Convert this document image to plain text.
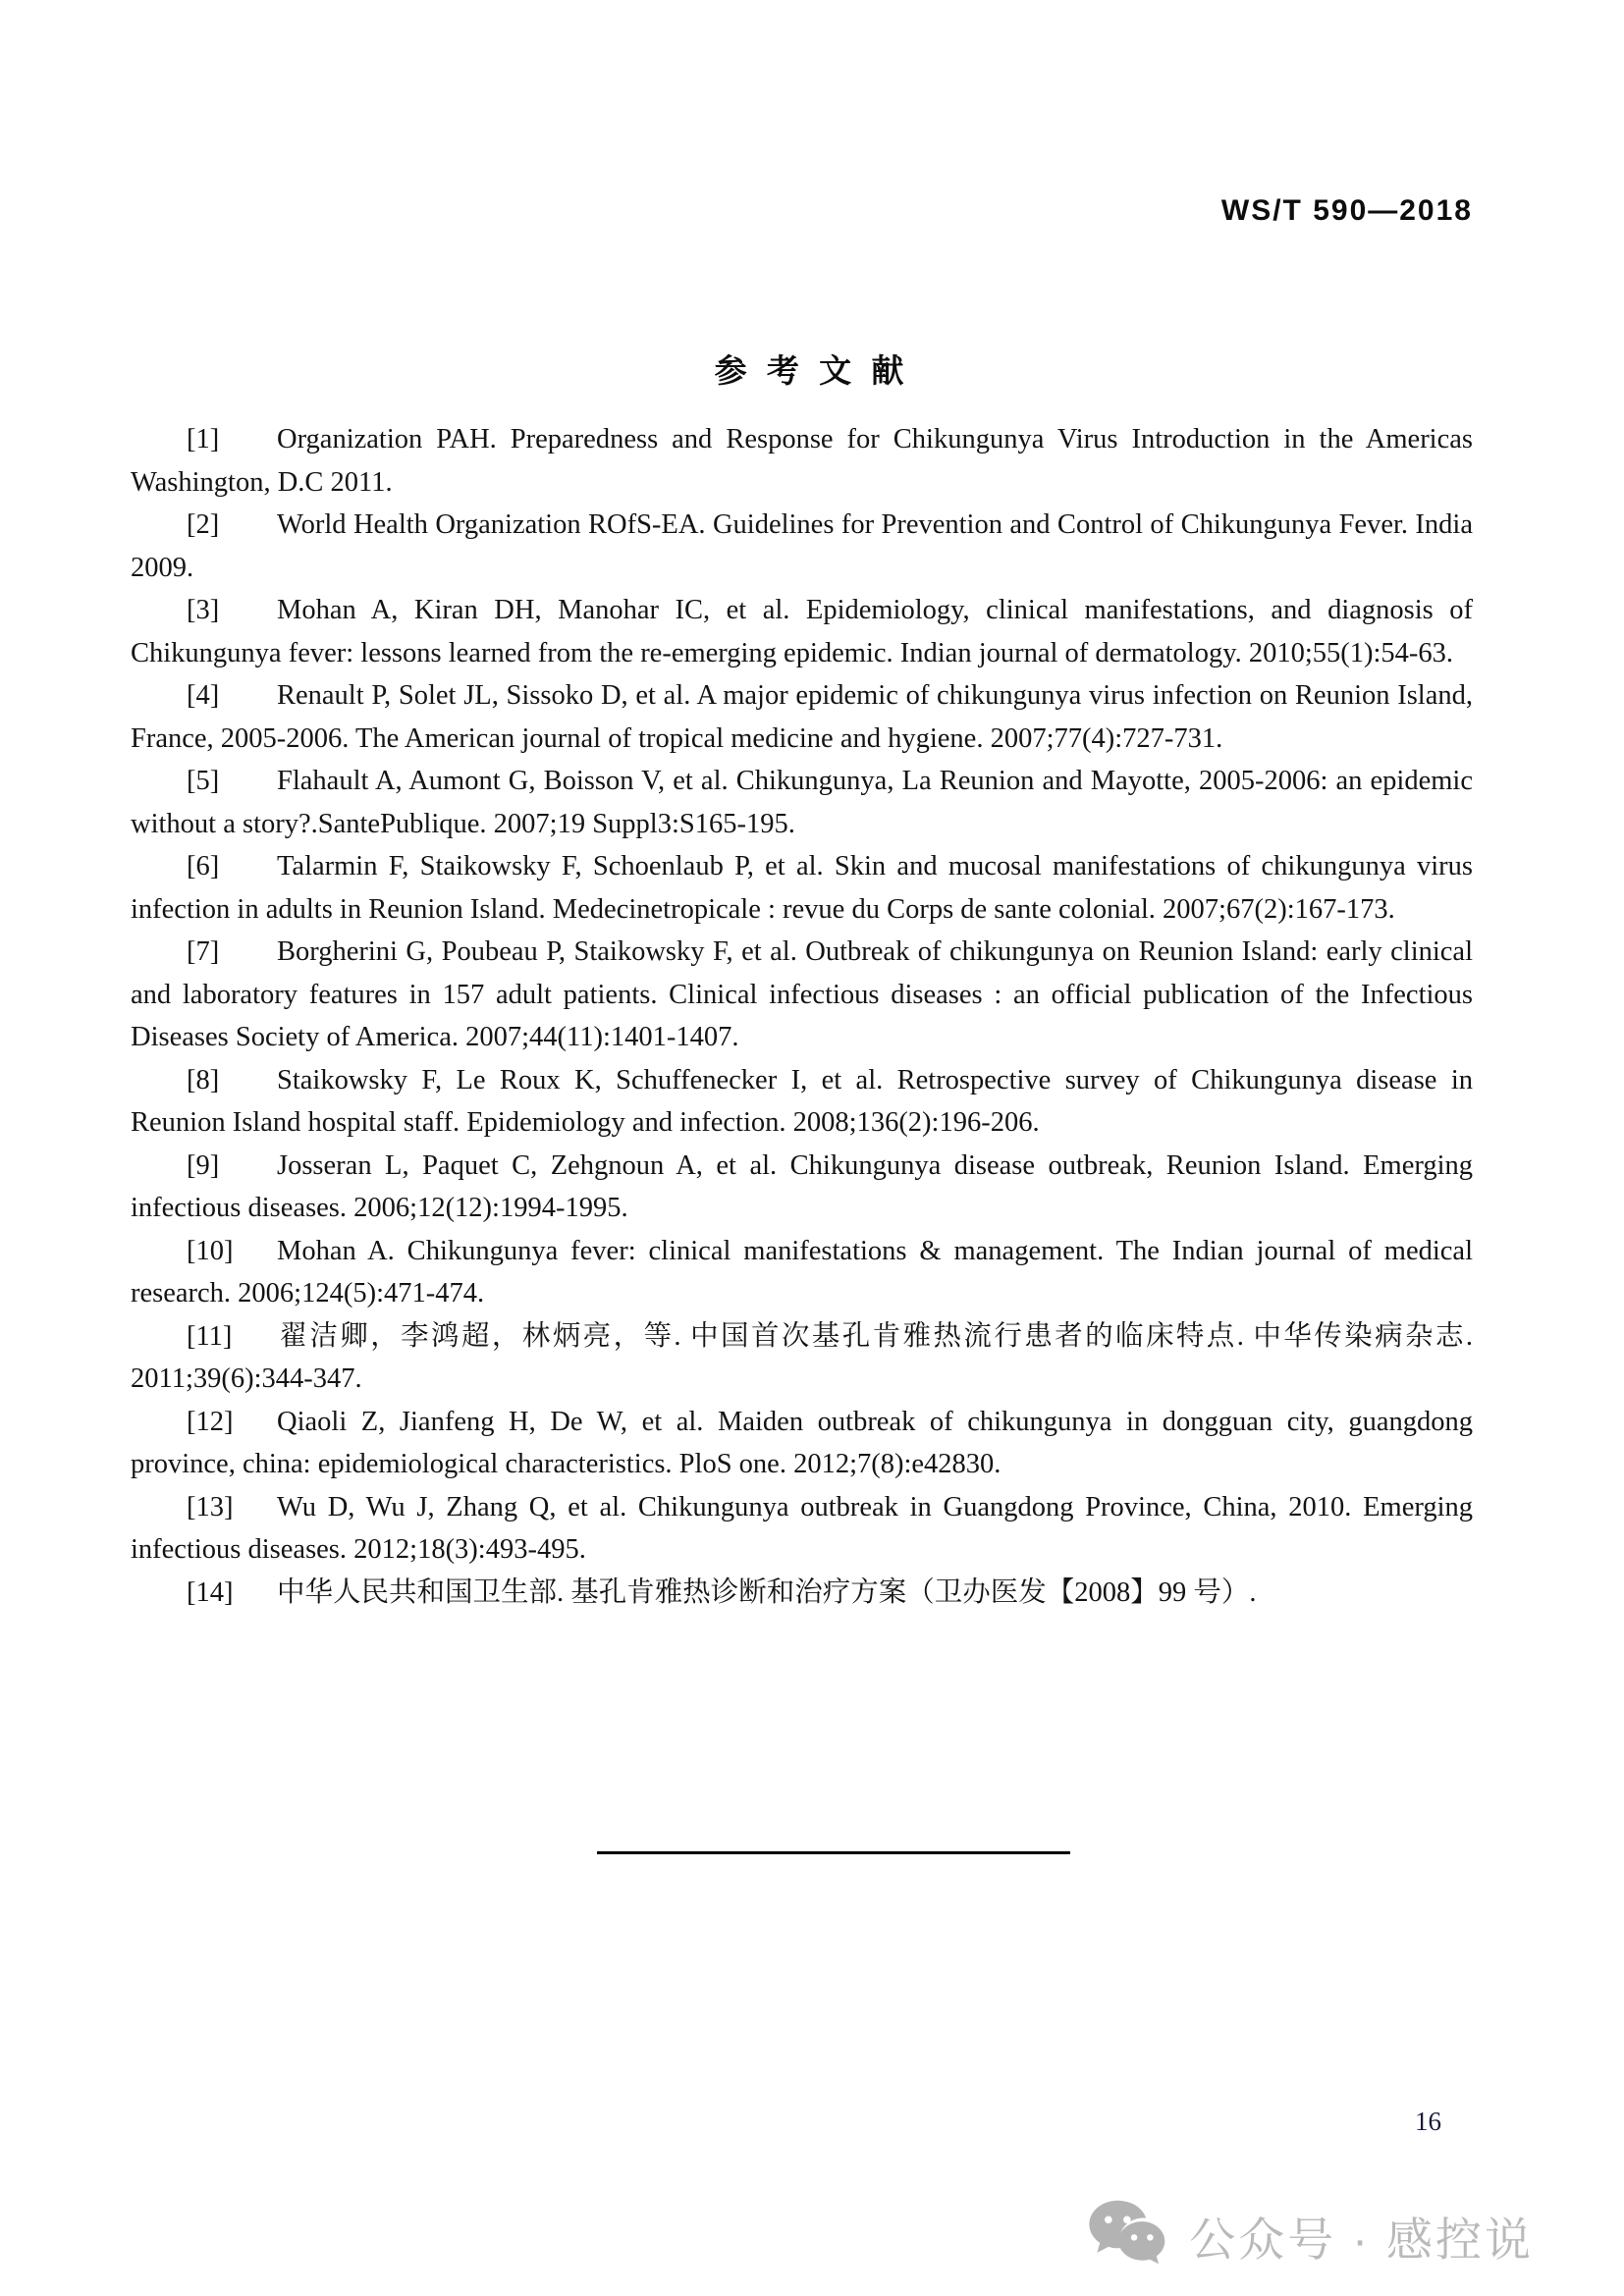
WS/T 590—2018
参 考 文 献

[1] Organization PAH. Preparedness and Response for Chikungunya Virus Introduction in the Americas Washington, D.C 2011.

[2] World Health Organization ROfS-EA. Guidelines for Prevention and Control of Chikungunya Fever. India 2009.

[3] Mohan A, Kiran DH, Manohar IC, et al. Epidemiology, clinical manifestations, and diagnosis of Chikungunya fever: lessons learned from the re-emerging epidemic. Indian journal of dermatology. 2010;55(1):54-63.

[4] Renault P, Solet JL, Sissoko D, et al. A major epidemic of chikungunya virus infection on Reunion Island, France, 2005-2006. The American journal of tropical medicine and hygiene. 2007;77(4):727-731.

[5] Flahault A, Aumont G, Boisson V, et al. Chikungunya, La Reunion and Mayotte, 2005-2006: an epidemic without a story?.SantePublique. 2007;19 Suppl3:S165-195.

[6] Talarmin F, Staikowsky F, Schoenlaub P, et al. Skin and mucosal manifestations of chikungunya virus infection in adults in Reunion Island. Medecinetropicale : revue du Corps de sante colonial. 2007;67(2):167-173.

[7] Borgherini G, Poubeau P, Staikowsky F, et al. Outbreak of chikungunya on Reunion Island: early clinical and laboratory features in 157 adult patients. Clinical infectious diseases : an official publication of the Infectious Diseases Society of America. 2007;44(11):1401-1407.

[8] Staikowsky F, Le Roux K, Schuffenecker I, et al. Retrospective survey of Chikungunya disease in Reunion Island hospital staff. Epidemiology and infection. 2008;136(2):196-206.

[9] Josseran L, Paquet C, Zehgnoun A, et al. Chikungunya disease outbreak, Reunion Island. Emerging infectious diseases. 2006;12(12):1994-1995.

[10] Mohan A. Chikungunya fever: clinical manifestations & management. The Indian journal of medical research. 2006;124(5):471-474.

[11] 翟洁卿，李鸿超，林炳亮，等. 中国首次基孔肯雅热流行患者的临床特点. 中华传染病杂志. 2011;39(6):344-347.

[12] Qiaoli Z, Jianfeng H, De W, et al. Maiden outbreak of chikungunya in dongguan city, guangdong province, china: epidemiological characteristics. PloS one. 2012;7(8):e42830.

[13] Wu D, Wu J, Zhang Q, et al. Chikungunya outbreak in Guangdong Province, China, 2010. Emerging infectious diseases. 2012;18(3):493-495.

[14] 中华人民共和国卫生部. 基孔肯雅热诊断和治疗方案（卫办医发【2008】99 号）.

16
公众号 · 感控说
